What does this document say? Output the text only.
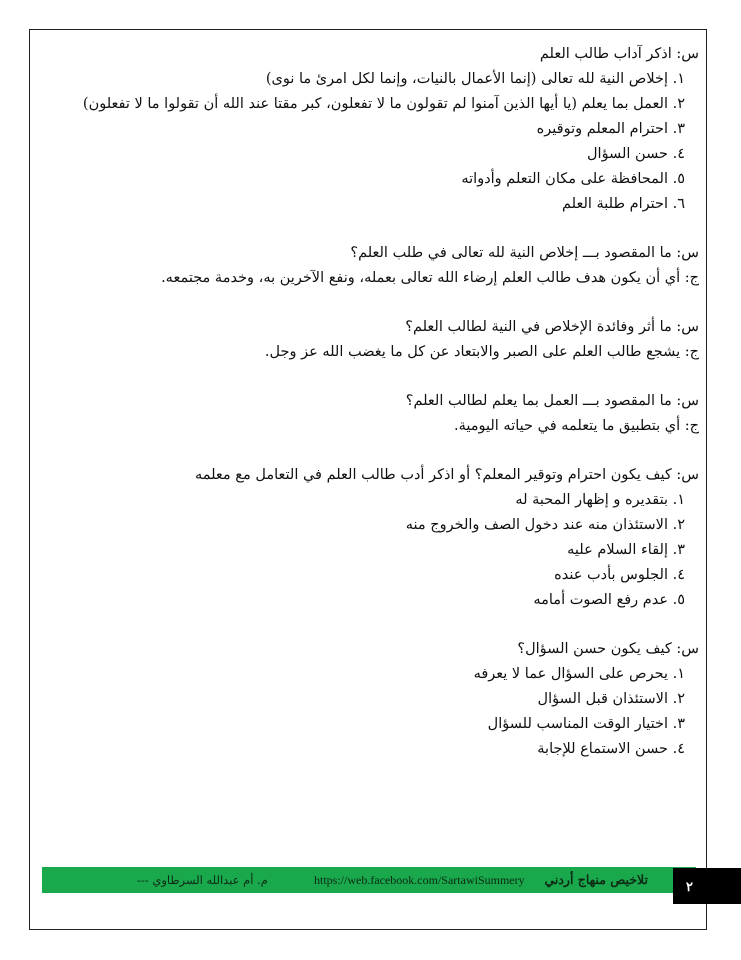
س: اذكر آداب طالب العلم

١. إخلاص النية لله تعالى (إنما الأعمال بالنيات، وإنما لكل امرئ ما نوى)
٢. العمل بما يعلم (يا أيها الذين آمنوا لم تقولون ما لا تفعلون، كبر مقتا عند الله أن تقولوا ما لا تفعلون)
٣. احترام المعلم وتوقيره
٤. حسن السؤال
٥. المحافظة على مكان التعلم وأدواته
٦. احترام طلبة العلم

س: ما المقصود بـــ إخلاص النية لله تعالى في طلب العلم؟

ج: أي أن يكون هدف طالب العلم إرضاء الله تعالى بعمله، ونفع الآخرين به، وخدمة مجتمعه.

س: ما أثر وفائدة الإخلاص في النية لطالب العلم؟

ج: يشجع طالب العلم على الصبر والابتعاد عن كل ما يغضب الله عز وجل.

س: ما المقصود بـــ العمل بما يعلم لطالب العلم؟

ج: أي بتطبيق ما يتعلمه في حياته اليومية.

س: كيف يكون احترام وتوقير المعلم؟ أو اذكر أدب طالب العلم في التعامل مع معلمه

١. بتقديره و إظهار المحبة له
٢. الاستئذان منه عند دخول الصف والخروج منه
٣. إلقاء السلام عليه
٤. الجلوس بأدب عنده
٥. عدم رفع الصوت أمامه

س: كيف يكون حسن السؤال؟

١. يحرص على السؤال عما لا يعرفه
٢. الاستئذان قبل السؤال
٣. اختيار الوقت المناسب للسؤال
٤. حسن الاستماع للإجابة
م. أم عبدالله السرطاوي ---	https://web.facebook.com/SartawiSummery تلاخيص منهاج أردني
٢
